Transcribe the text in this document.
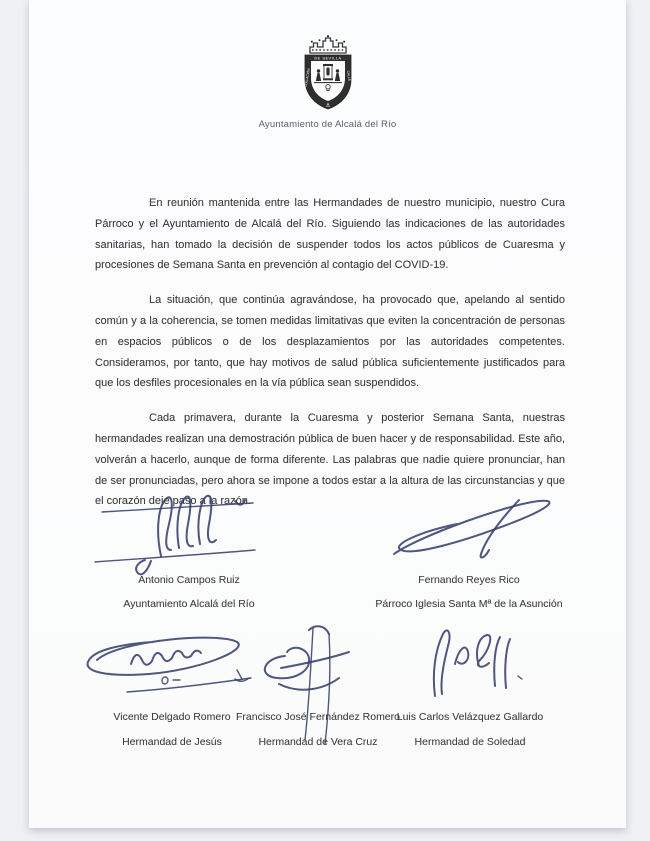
DE SEVILLA
COLLACIÓN	CALLE
⚓
Ayuntamiento de Alcalá del Río

En reunión mantenida entre las Hermandades de nuestro municipio, nuestro Cura Párroco y el Ayuntamiento de Alcalá del Río. Siguiendo las indicaciones de las autoridades sanitarias, han tomado la decisión de suspender todos los actos públicos de Cuaresma y procesiones de Semana Santa en prevención al contagio del COVID-19.

La situación, que continúa agravándose, ha provocado que, apelando al sentido común y a la coherencia, se tomen medidas limitativas que eviten la concentración de personas en espacios públicos o de los desplazamientos por las autoridades competentes. Consideramos, por tanto, que hay motivos de salud pública suficientemente justificados para que los desfiles procesionales en la vía pública sean suspendidos.

Cada primavera, durante la Cuaresma y posterior Semana Santa, nuestras hermandades realizan una demostración pública de buen hacer y de responsabilidad. Este año, volverán a hacerlo, aunque de forma diferente. Las palabras que nadie quiere pronunciar, han de ser pronunciadas, pero ahora se impone a todos estar a la altura de las circunstancias y que el corazón deje paso a la razón.

Antonio Campos Ruiz
Ayuntamiento Alcalá del Río
Fernando Reyes Rico
Párroco Iglesia Santa Mª de la Asunción
Vicente Delgado Romero
Hermandad de Jesús
Francisco José Fernández Romero
Hermandad de Vera Cruz
Luis Carlos Velázquez Gallardo
Hermandad de Soledad
